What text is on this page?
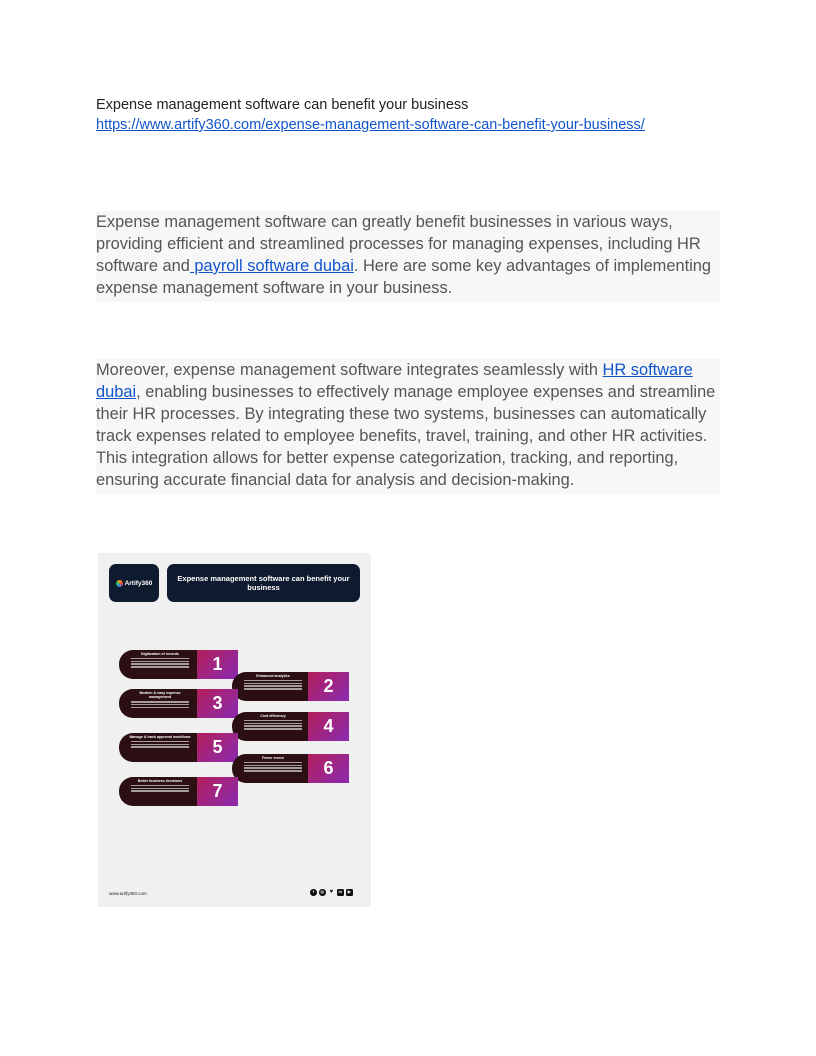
Expense management software can benefit your business
https://www.artify360.com/expense-management-software-can-benefit-your-business/
Expense management software can greatly benefit businesses in various ways, providing efficient and streamlined processes for managing expenses, including HR software and payroll software dubai. Here are some key advantages of implementing expense management software in your business.
Moreover, expense management software integrates seamlessly with HR software dubai, enabling businesses to effectively manage employee expenses and streamline their HR processes. By integrating these two systems, businesses can automatically track expenses related to employee benefits, travel, training, and other HR activities. This integration allows for better expense categorization, tracking, and reporting, ensuring accurate financial data for analysis and decision-making.
Artify360	Expense management software can benefit your business
Digitization of records	1
Enhanced analytics	2
Modern & easy expense management	3
Cost efficiency	4
Manage & track approval workflows	5
Fewer errors	6
Better business decisions	7
www.artify360.com	f	◎ ♥	in	▶
